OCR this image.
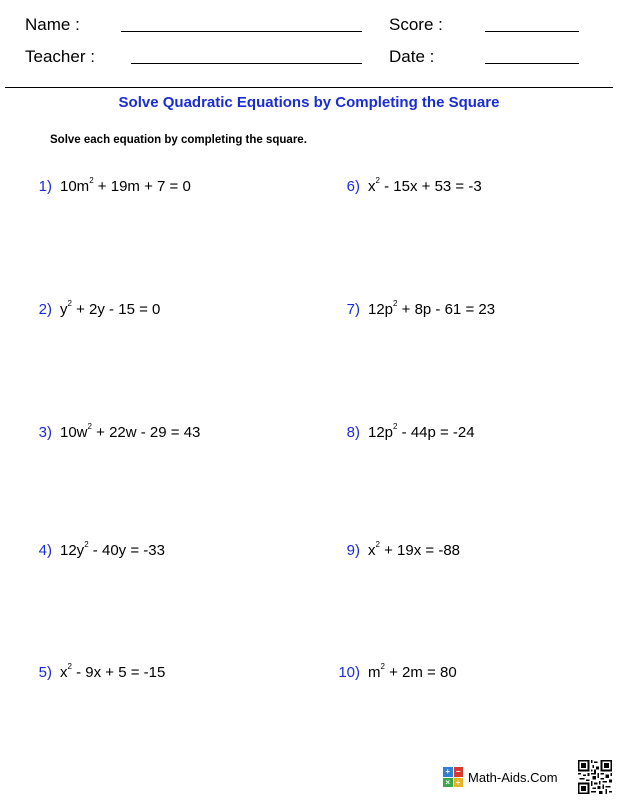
Name :	Score :
Teacher :	Date :
Solve Quadratic Equations by Completing the Square
Solve each equation by completing the square.
1) $10m^2 + 19m + 7 = 0$
2) $y^2 + 2y - 15 = 0$
3) $10w^2 + 22w - 29 = 43$
4) $12y^2 - 40y = -33$
5) $x^2 - 9x + 5 = -15$
6) $x^2 - 15x + 53 = -3$
7) $12p^2 + 8p - 61 = 23$
8) $12p^2 - 44p = -24$
9) $x^2 + 19x = -88$
10) $m^2 + 2m = 80$
+ −
× ÷ Math-Aids.Com
